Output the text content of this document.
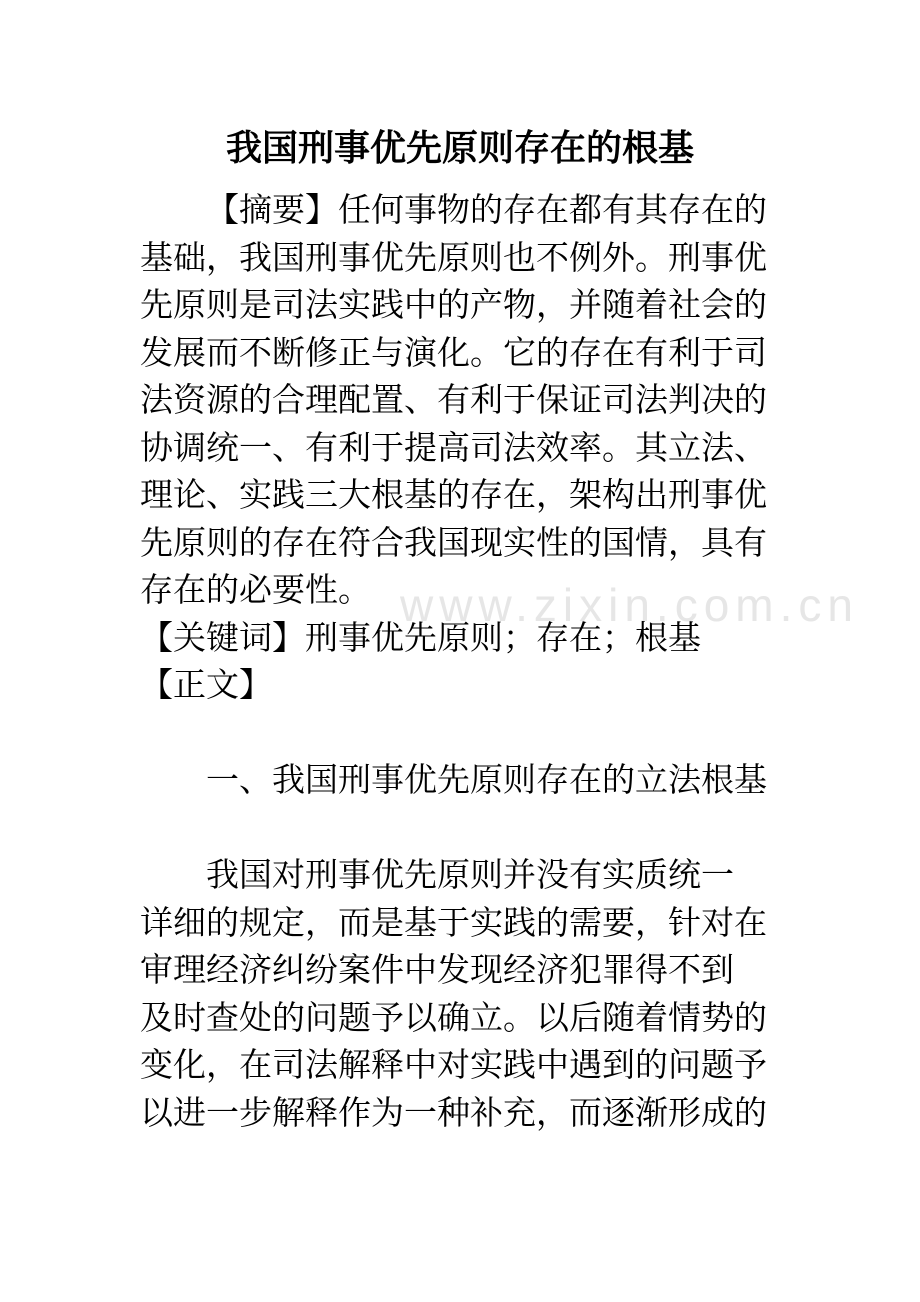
www.zixin.com.cn
我国刑事优先原则存在的根基
【摘要】任何事物的存在都有其存在的
基础，我国刑事优先原则也不例外。刑事优
先原则是司法实践中的产物，并随着社会的
发展而不断修正与演化。它的存在有利于司
法资源的合理配置、有利于保证司法判决的
协调统一、有利于提高司法效率。其立法、
理论、实践三大根基的存在，架构出刑事优
先原则的存在符合我国现实性的国情，具有
存在的必要性。
【关键词】刑事优先原则；存在；根基
【正文】
一、我国刑事优先原则存在的立法根基
我国对刑事优先原则并没有实质统一
详细的规定，而是基于实践的需要，针对在
审理经济纠纷案件中发现经济犯罪得不到
及时查处的问题予以确立。以后随着情势的
变化，在司法解释中对实践中遇到的问题予
以进一步解释作为一种补充，而逐渐形成的
